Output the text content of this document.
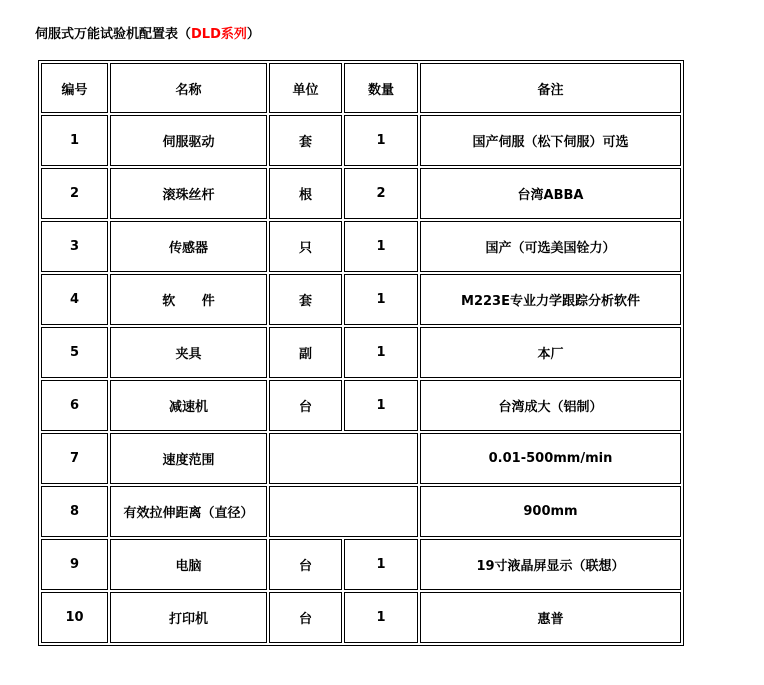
伺服式万能试验机配置表（DLD系列）
编号	名称	单位	数量	备注
1	伺服驱动	套	1	国产伺服（松下伺服）可选
2	滚珠丝杆	根	2	台湾ABBA
3	传感器	只	1	国产（可选美国铨力）
4	软 件	套	1	M223E专业力学跟踪分析软件
5	夹具	副	1	本厂
6	减速机	台	1	台湾成大（铝制）
7	速度范围			0.01-500mm/min
8	有效拉伸距离（直径）			900mm
9	电脑	台	1	19寸液晶屏显示（联想）
10	打印机	台	1	惠普
